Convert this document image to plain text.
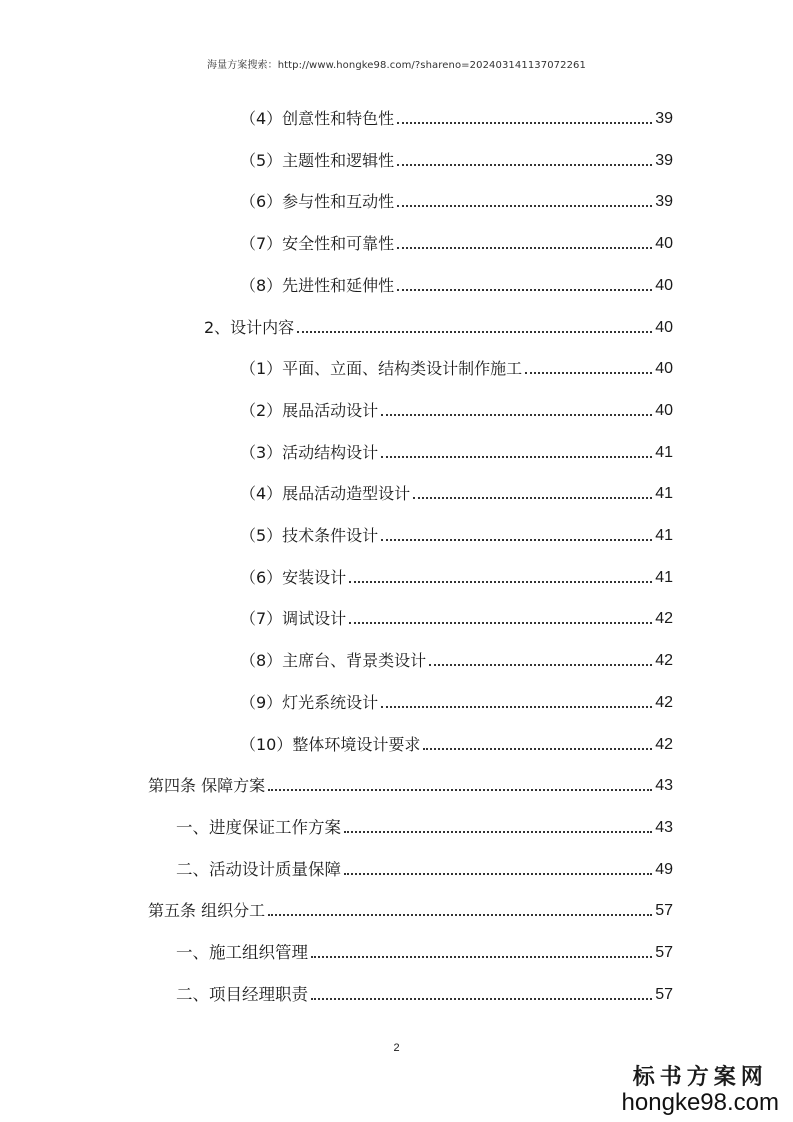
海量方案搜索：http://www.hongke98.com/?shareno=202403141137072261
（4）创意性和特色性	39
（5）主题性和逻辑性	39
（6）参与性和互动性	39
（7）安全性和可靠性	40
（8）先进性和延伸性	40
2、设计内容	40
（1）平面、立面、结构类设计制作施工	40
（2）展品活动设计	40
（3）活动结构设计	41
（4）展品活动造型设计	41
（5）技术条件设计	41
（6）安装设计	41
（7）调试设计	42
（8）主席台、背景类设计	42
（9）灯光系统设计	42
（10）整体环境设计要求	42
第四条 保障方案	43
一、进度保证工作方案	43
二、活动设计质量保障	49
第五条 组织分工	57
一、施工组织管理	57
二、项目经理职责	57
2
标书方案网
hongke98.com
